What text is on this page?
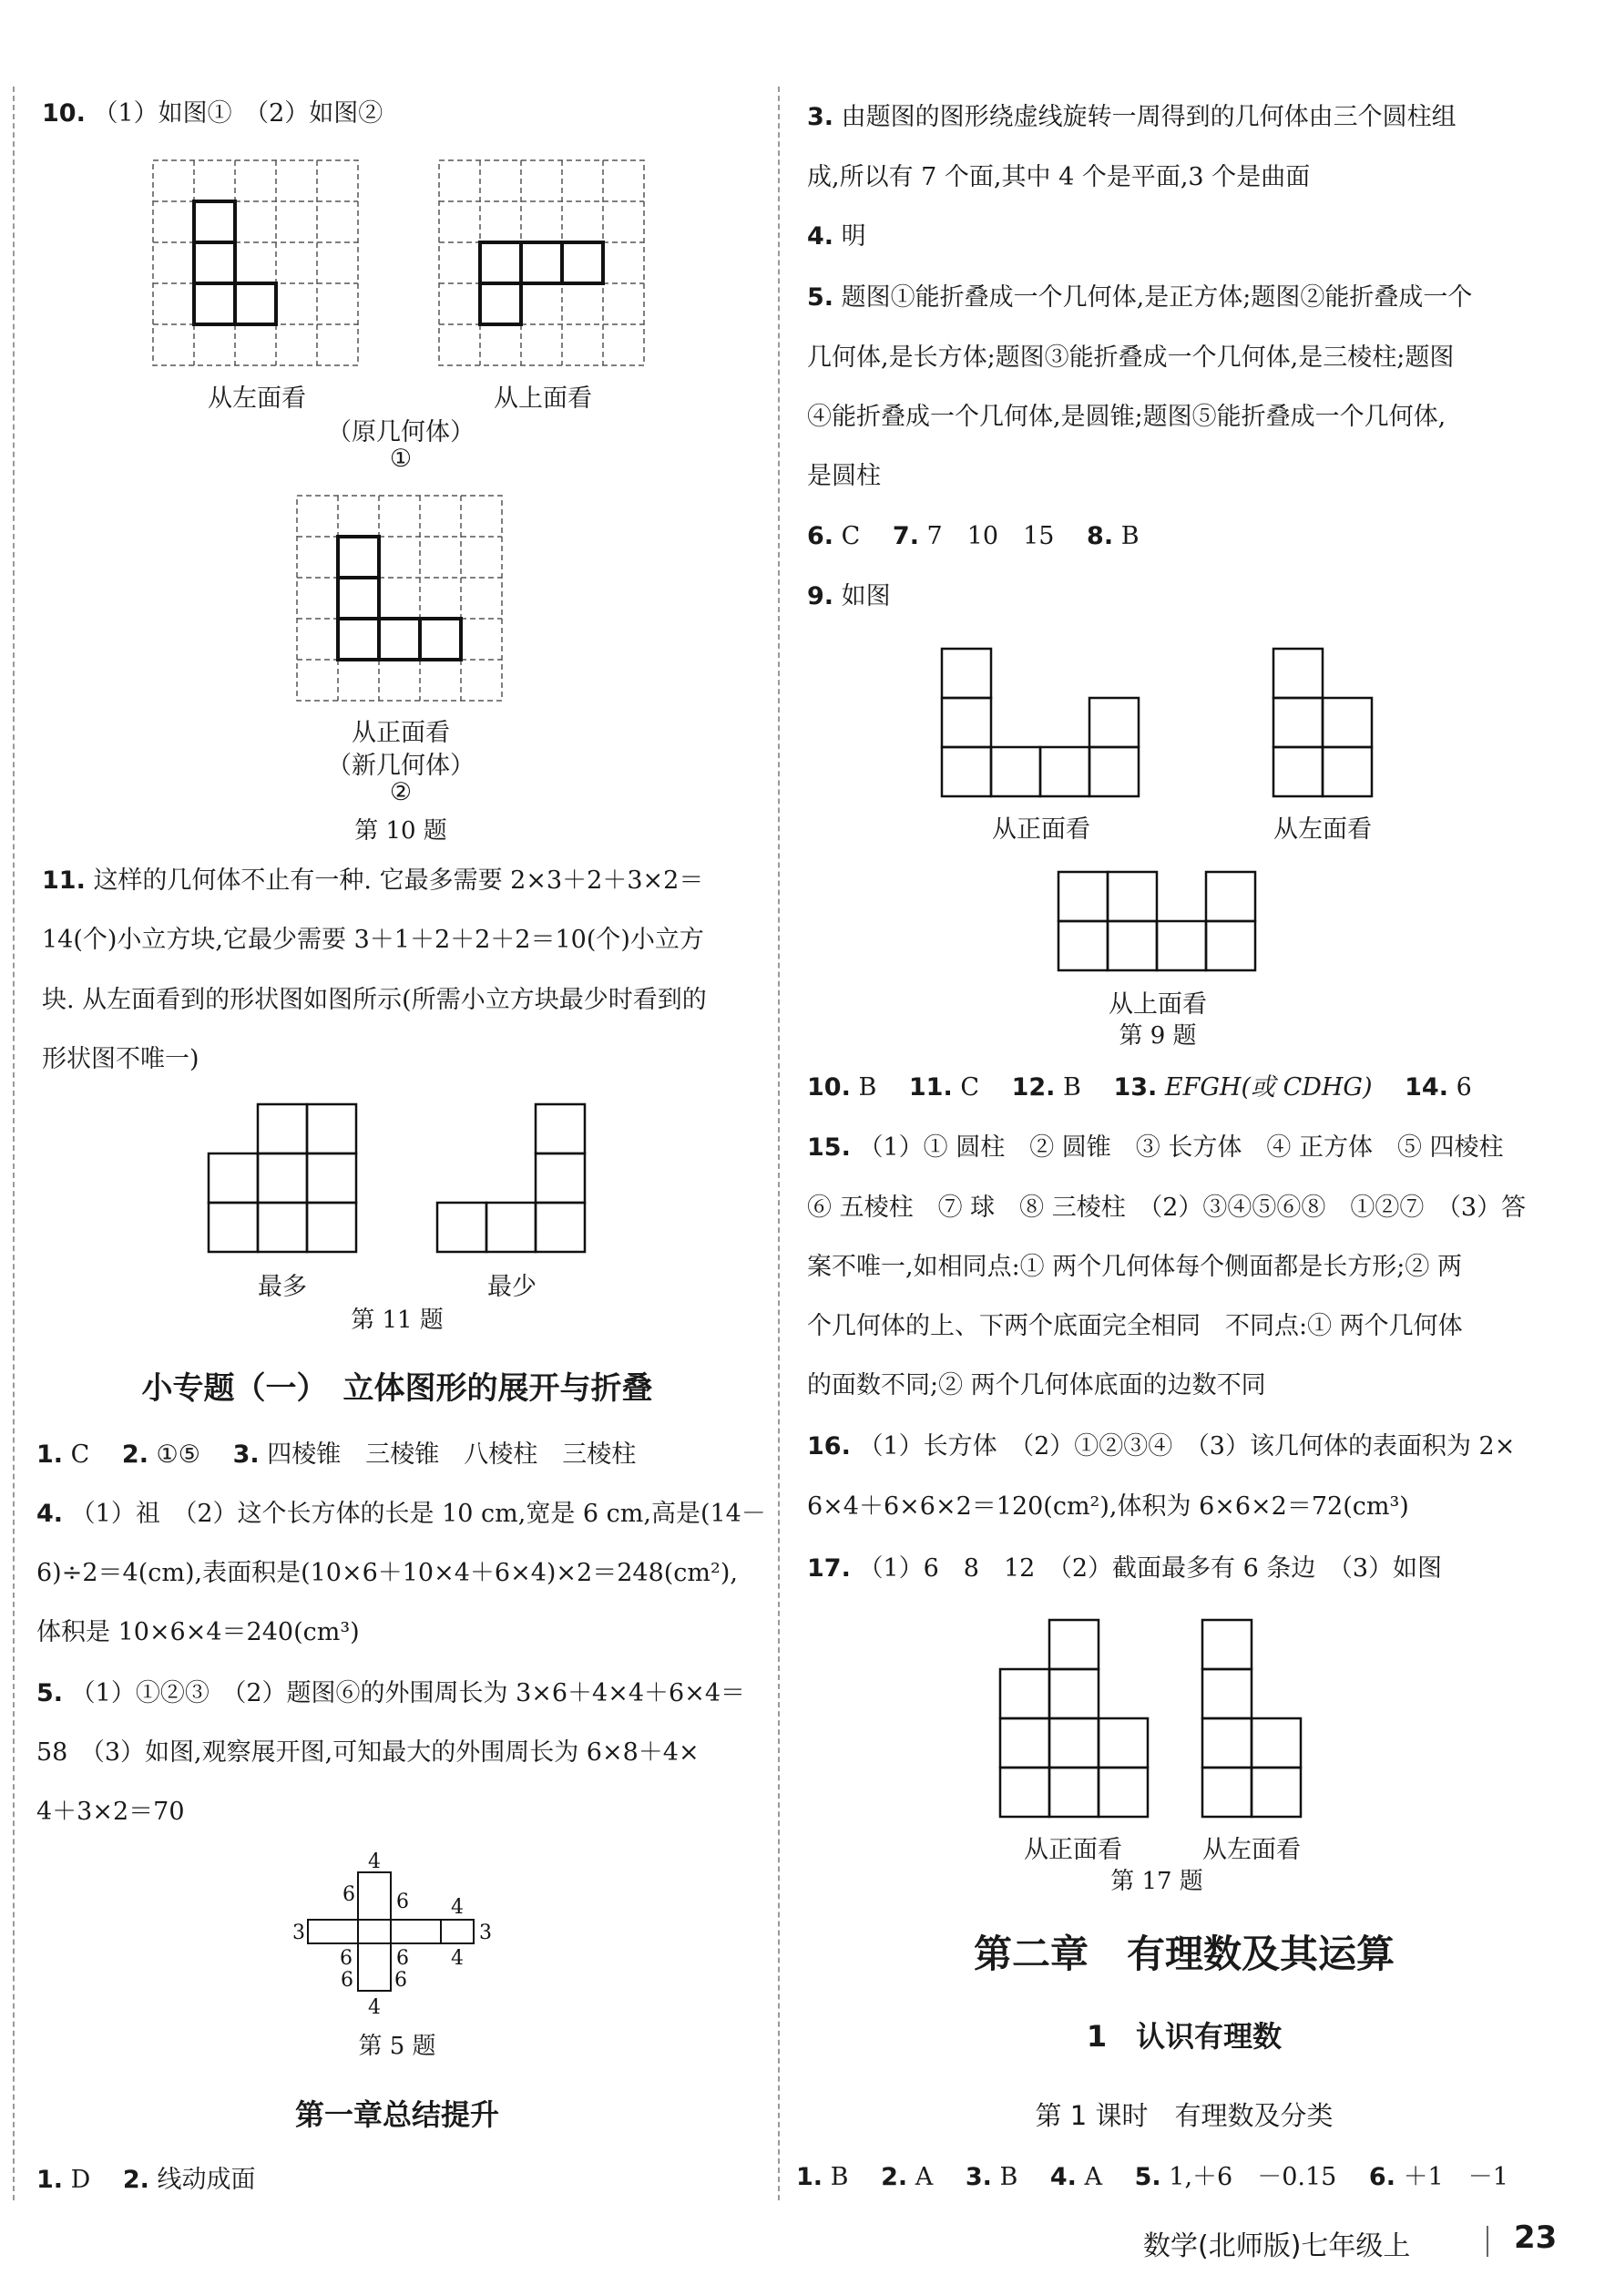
10. （1）如图①　（2）如图②

从左面看	从上面看

（原几何体）

①

从正面看

（新几何体）

②

第 10 题

11. 这样的几何体不止有一种. 它最多需要 2×3＋2＋3×2＝

14(个)小立方块,它最少需要 3＋1＋2＋2＋2＝10(个)小立方

块. 从左面看到的形状图如图所示(所需小立方块最少时看到的

形状图不唯一)

最多	最少

第 11 题

小专题（一）　立体图形的展开与折叠

1. C　 2. ①⑤　 3. 四棱锥　三棱锥　八棱柱　三棱柱

4. （1）祖　（2）这个长方体的长是 10 cm,宽是 6 cm,高是(14－

6)÷2＝4(cm),表面积是(10×6＋10×4＋6×4)×2＝248(cm²),

体积是 10×6×4＝240(cm³)

5. （1）①②③　（2）题图⑥的外围周长为 3×6＋4×4＋6×4＝

58　（3）如图,观察展开图,可知最大的外围周长为 6×8＋4×

4＋3×2＝70

4
6 6 4
3	3
6
6
4
6
6
4

第 5 题

第一章总结提升

1. D　 2. 线动成面

3. 由题图的图形绕虚线旋转一周得到的几何体由三个圆柱组

成,所以有 7 个面,其中 4 个是平面,3 个是曲面

4. 明

5. 题图①能折叠成一个几何体,是正方体;题图②能折叠成一个

几何体,是长方体;题图③能折叠成一个几何体,是三棱柱;题图

④能折叠成一个几何体,是圆锥;题图⑤能折叠成一个几何体,

是圆柱

6. C　 7. 7　10　15　 8. B

9. 如图

从正面看	从左面看

从上面看

第 9 题

10. B　 11. C　 12. B　 13. EFGH(或 CDHG)　 14. 6

15. （1）① 圆柱　② 圆锥　③ 长方体　④ 正方体　⑤ 四棱柱

⑥ 五棱柱　⑦ 球　⑧ 三棱柱　（2）③④⑤⑥⑧　①②⑦　（3）答

案不唯一,如相同点:① 两个几何体每个侧面都是长方形;② 两

个几何体的上、下两个底面完全相同　不同点:① 两个几何体

的面数不同;② 两个几何体底面的边数不同

16. （1）长方体　（2）①②③④　（3）该几何体的表面积为 2×

6×4＋6×6×2＝120(cm²),体积为 6×6×2＝72(cm³)

17. （1）6　8　12　（2）截面最多有 6 条边　（3）如图

从正面看	从左面看

第 17 题

第二章　有理数及其运算

1　认识有理数

第 1 课时　有理数及分类

1. B　 2. A　 3. B　 4. A　 5. 1,＋6　－0.15　 6. ＋1　－1

数学(北师版)七年级上	23
